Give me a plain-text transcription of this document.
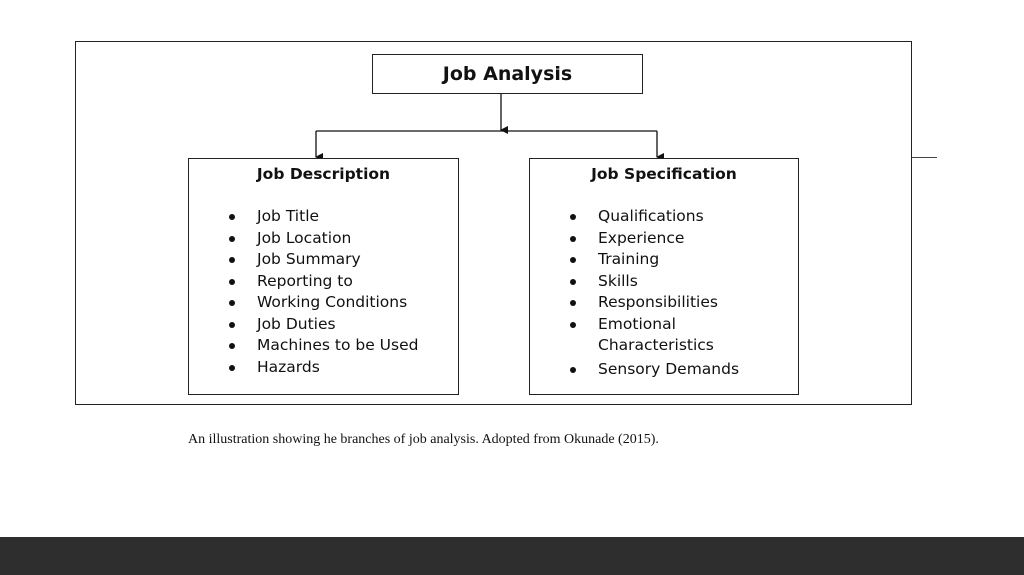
Job Analysis
Job Description
Job Title
Job Location
Job Summary
Reporting to
Working Conditions
Job Duties
Machines to be Used
Hazards
Job Specification
Qualifications
Experience
Training
Skills
Responsibilities
Emotional Characteristics
Sensory Demands
An illustration showing he branches of job analysis. Adopted from Okunade (2015).
